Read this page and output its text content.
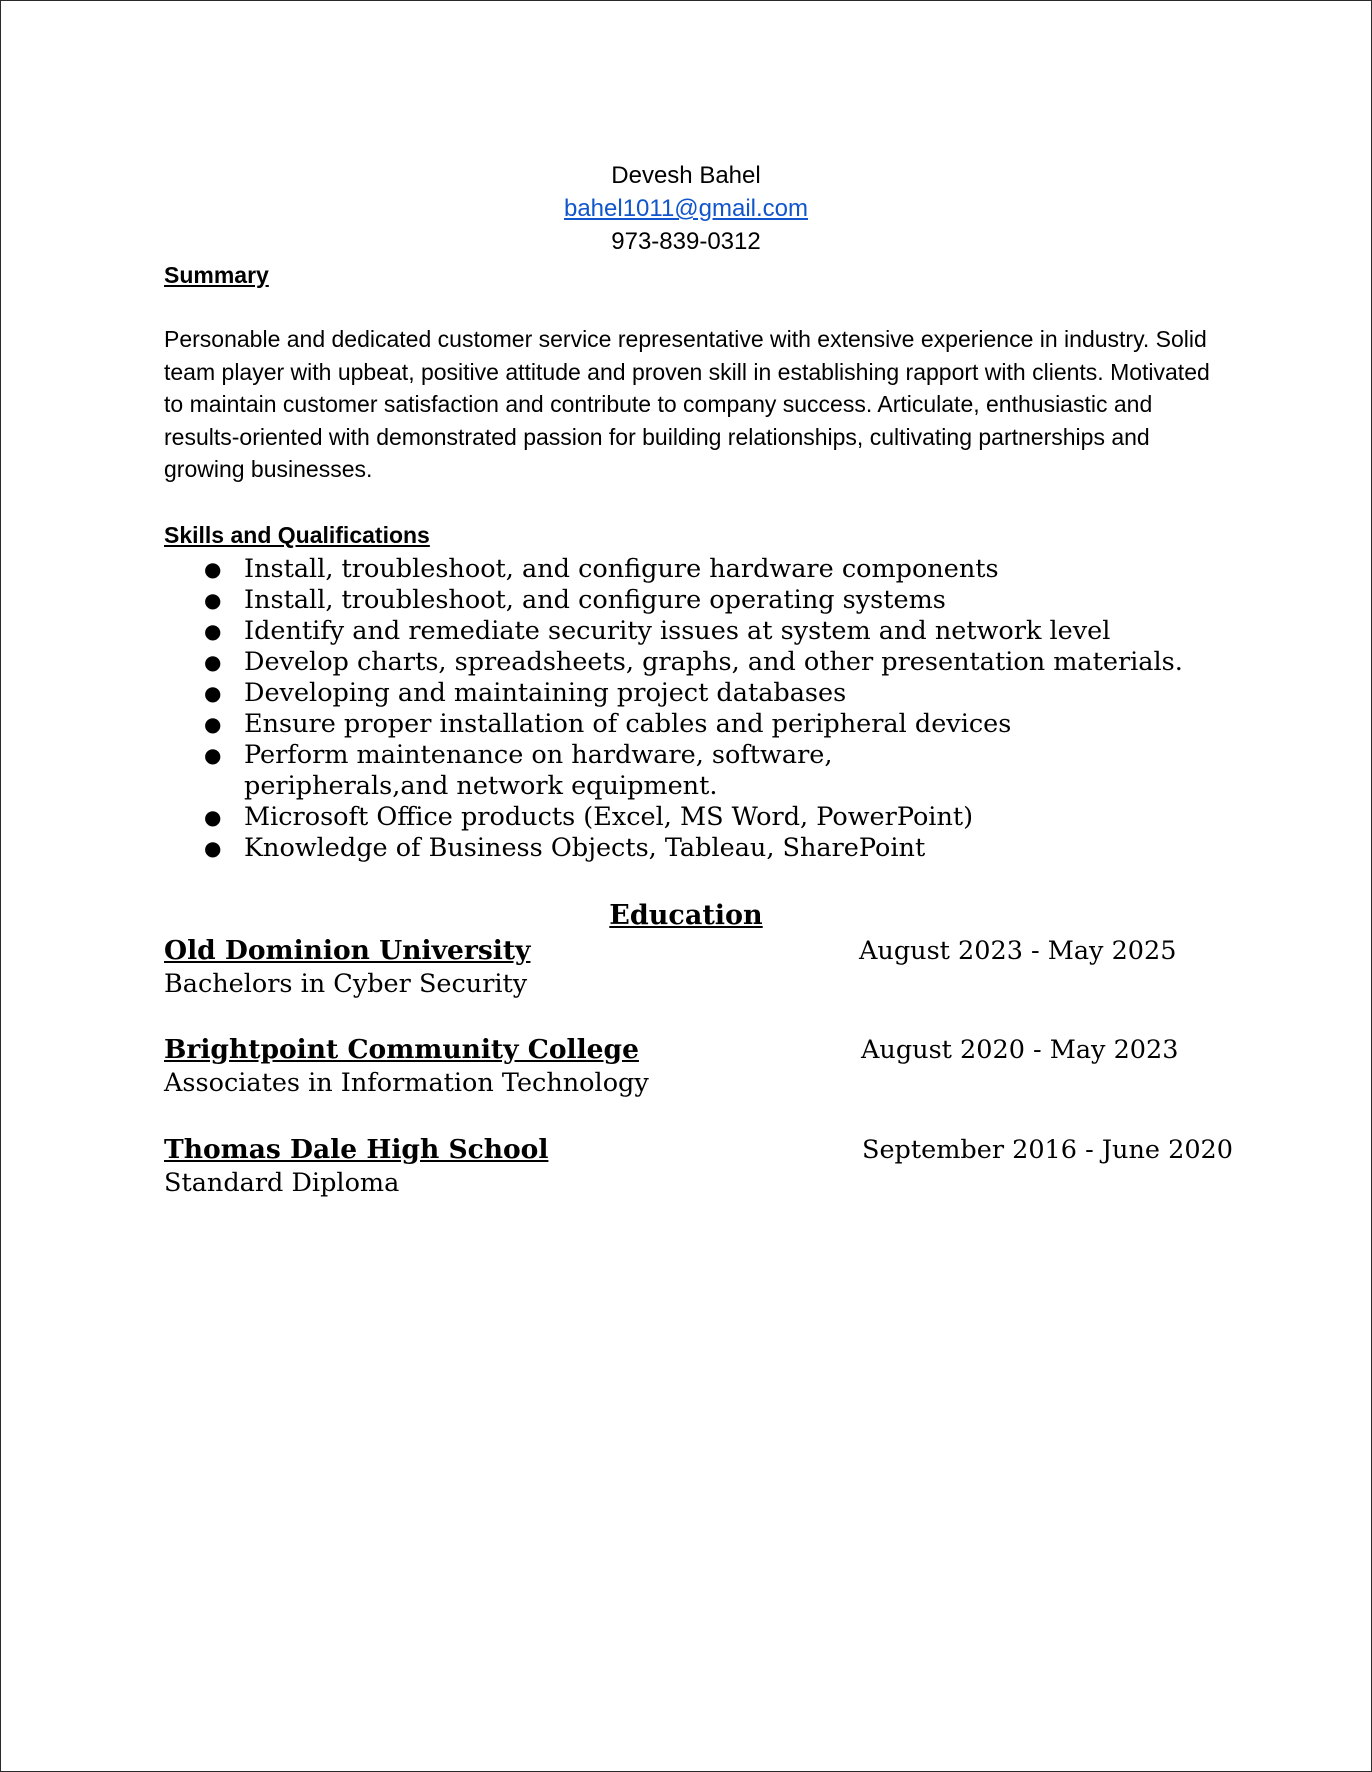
Devesh Bahel
bahel1011@gmail.com
973-839-0312
Summary
Personable and dedicated customer service representative with extensive experience in industry. Solid team player with upbeat, positive attitude and proven skill in establishing rapport with clients. Motivated to maintain customer satisfaction and contribute to company success. Articulate, enthusiastic and results-oriented with demonstrated passion for building relationships, cultivating partnerships and growing businesses.
Skills and Qualifications
● Install, troubleshoot, and configure hardware components
● Install, troubleshoot, and configure operating systems
● Identify and remediate security issues at system and network level
● Develop charts, spreadsheets, graphs, and other presentation materials.
● Developing and maintaining project databases
● Ensure proper installation of cables and peripheral devices
● Perform maintenance on hardware, software, peripherals,and network equipment.
● Microsoft Office products (Excel, MS Word, PowerPoint)
● Knowledge of Business Objects, Tableau, SharePoint
Education
Old Dominion University	August 2023 - May 2025
Bachelors in Cyber Security
Brightpoint Community College	August 2020 - May 2023
Associates in Information Technology
Thomas Dale High School	September 2016 - June 2020
Standard Diploma
